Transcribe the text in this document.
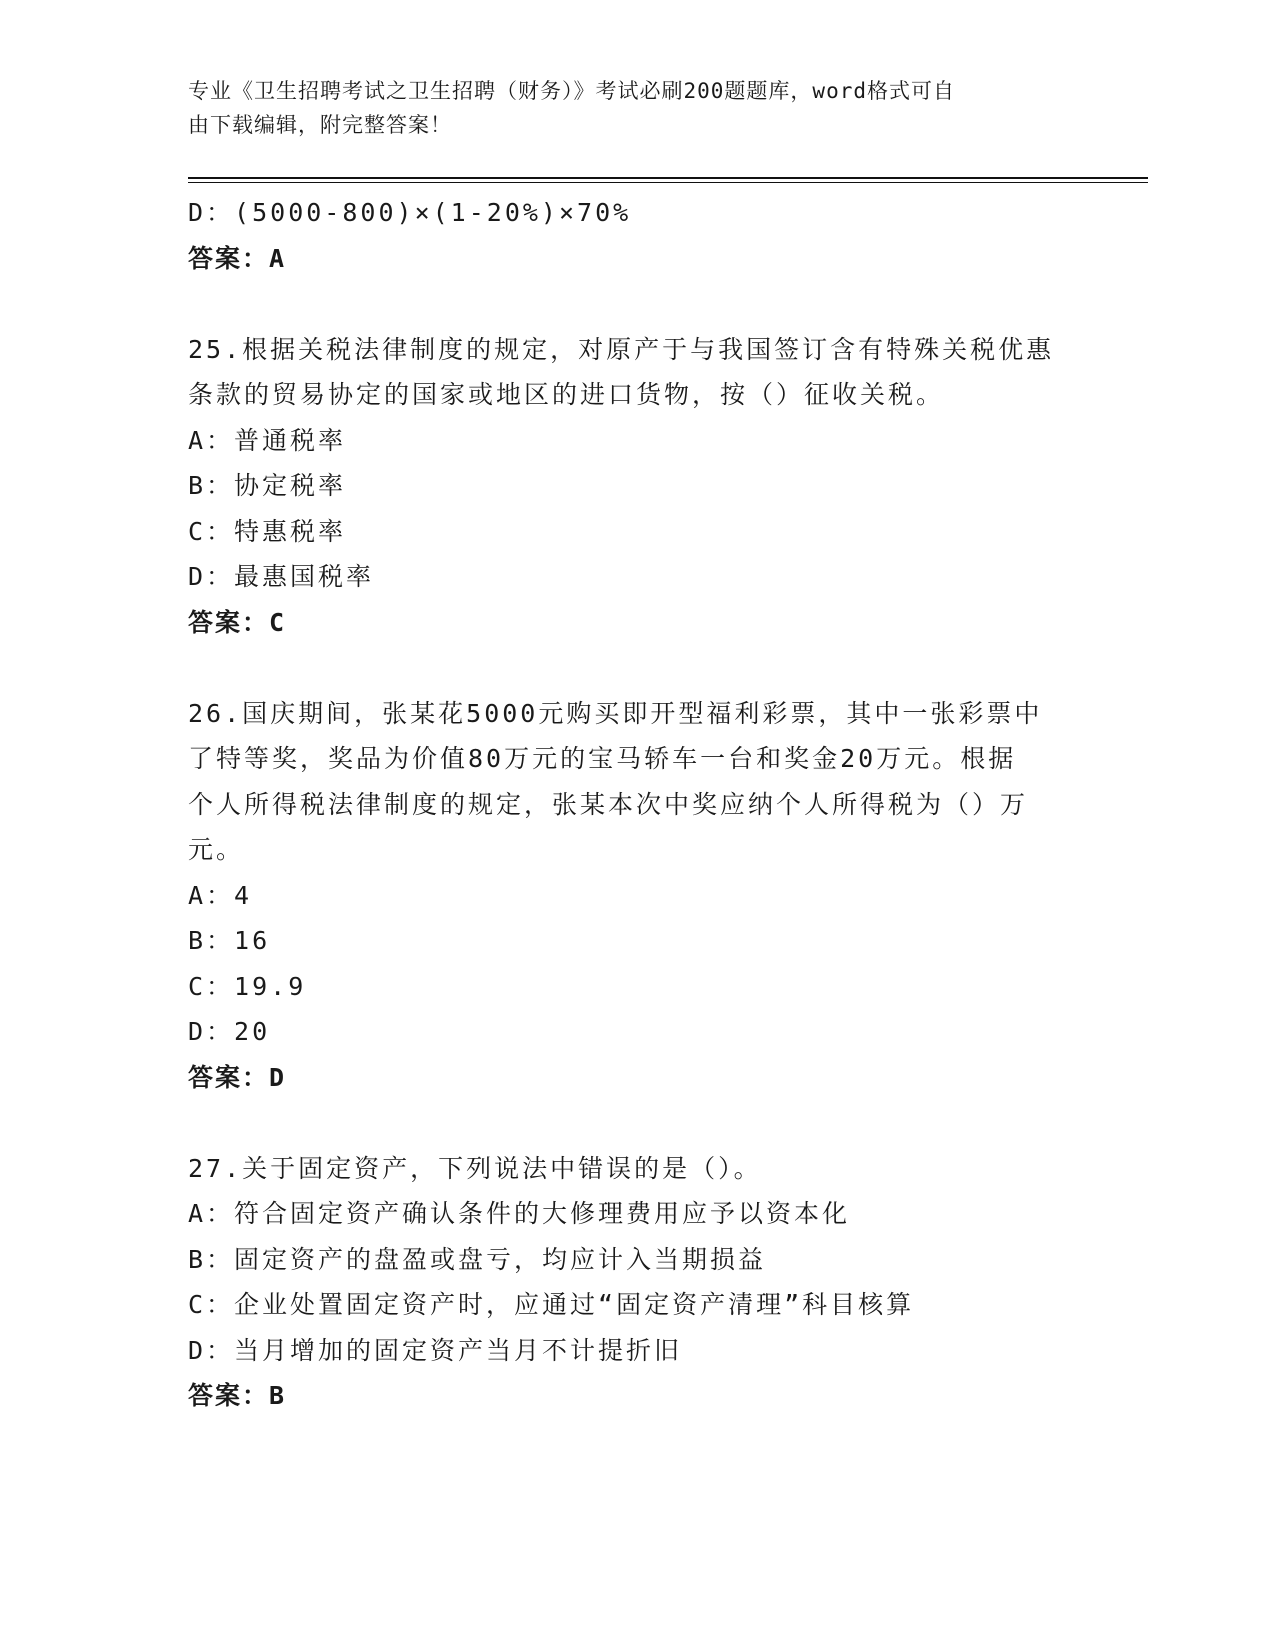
专业《卫生招聘考试之卫生招聘（财务）》考试必刷200题题库，word格式可自
由下载编辑，附完整答案！
D：(5000-800)×(1-20%)×70%
答案：A
25.根据关税法律制度的规定，对原产于与我国签订含有特殊关税优惠
条款的贸易协定的国家或地区的进口货物，按（）征收关税。
A：普通税率
B：协定税率
C：特惠税率
D：最惠国税率
答案：C
26.国庆期间，张某花5000元购买即开型福利彩票，其中一张彩票中
了特等奖，奖品为价值80万元的宝马轿车一台和奖金20万元。根据
个人所得税法律制度的规定，张某本次中奖应纳个人所得税为（）万
元。
A：4
B：16
C：19.9
D：20
答案：D
27.关于固定资产，下列说法中错误的是（）。
A：符合固定资产确认条件的大修理费用应予以资本化
B：固定资产的盘盈或盘亏，均应计入当期损益
C：企业处置固定资产时，应通过“固定资产清理”科目核算
D：当月增加的固定资产当月不计提折旧
答案：B
